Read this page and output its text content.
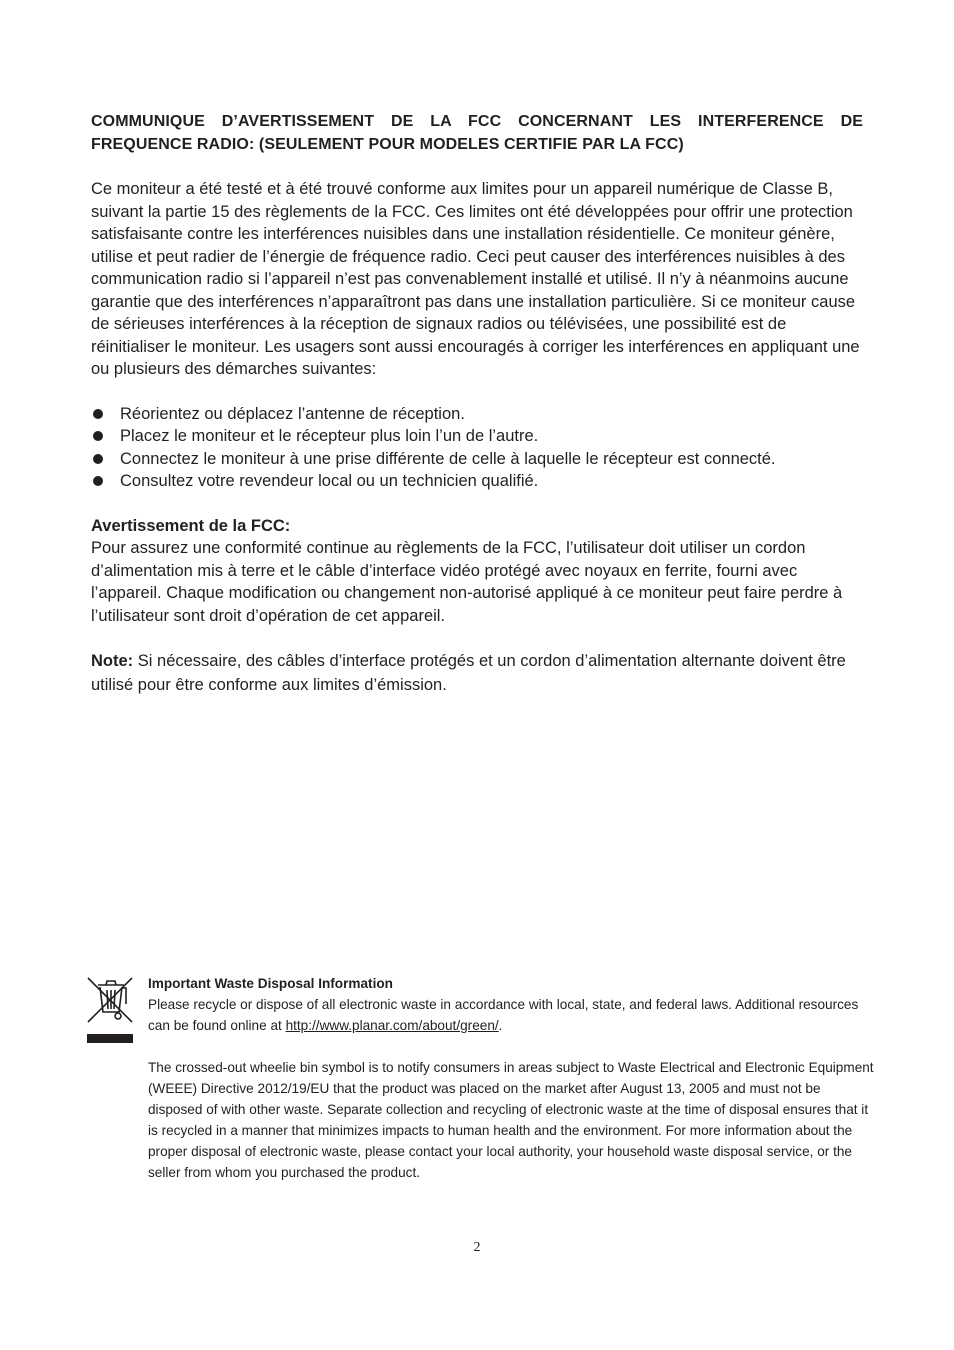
COMMUNIQUE D’AVERTISSEMENT DE LA FCC CONCERNANT LES INTERFERENCE DE FREQUENCE RADIO: (SEULEMENT POUR MODELES CERTIFIE PAR LA FCC)

Ce moniteur a été testé et à été trouvé conforme aux limites pour un appareil numérique de Classe B, suivant la partie 15 des règlements de la FCC. Ces limites ont été développées pour offrir une protection satisfaisante contre les interférences nuisibles dans une installation résidentielle. Ce moniteur génère, utilise et peut radier de l’énergie de fréquence radio. Ceci peut causer des interférences nuisibles à des communication radio si l’appareil n’est pas convenablement installé et utilisé. Il n’y à néanmoins aucune garantie que des interférences n’apparaîtront pas dans une installation particulière. Si ce moniteur cause de sérieuses interférences à la réception de signaux radios ou télévisées, une possibilité est de réinitialiser le moniteur. Les usagers sont aussi encouragés à corriger les interférences en appliquant une ou plusieurs des démarches suivantes:

Réorientez ou déplacez l’antenne de réception.
Placez le moniteur et le récepteur plus loin l’un de l’autre.
Connectez le moniteur à une prise différente de celle à laquelle le récepteur est connecté.
Consultez votre revendeur local ou un technicien qualifié.

Avertissement de la FCC:

Pour assurez une conformité continue au règlements de la FCC, l’utilisateur doit utiliser un cordon d’alimentation mis à terre et le câble d’interface vidéo protégé avec noyaux en ferrite, fourni avec l’appareil. Chaque modification ou changement non-autorisé appliqué à ce moniteur peut faire perdre à l’utilisateur sont droit d’opération de cet appareil.

Note: Si nécessaire, des câbles d’interface protégés et un cordon d’alimentation alternante doivent être utilisé pour être conforme aux limites d’émission.

Important Waste Disposal Information

Please recycle or dispose of all electronic waste in accordance with local, state, and federal laws. Additional resources can be found online at http://www.planar.com/about/green/.

The crossed-out wheelie bin symbol is to notify consumers in areas subject to Waste Electrical and Electronic Equipment (WEEE) Directive 2012/19/EU that the product was placed on the market after August 13, 2005 and must not be disposed of with other waste. Separate collection and recycling of electronic waste at the time of disposal ensures that it is recycled in a manner that minimizes impacts to human health and the environment. For more information about the proper disposal of electronic waste, please contact your local authority, your household waste disposal service, or the seller from whom you purchased the product.

2
